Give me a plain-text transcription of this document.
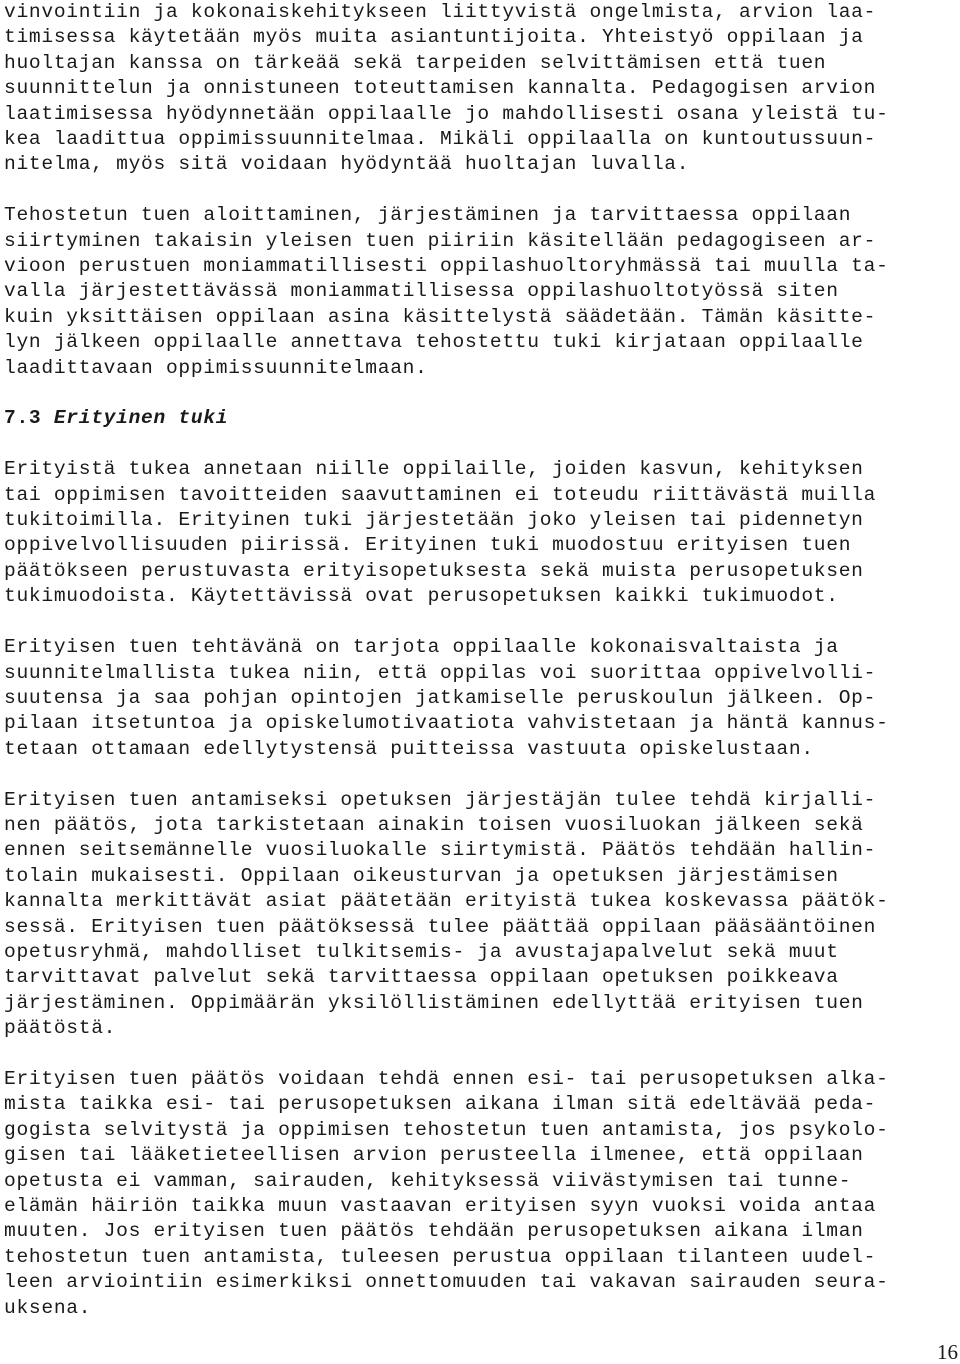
vinvointiin ja kokonaiskehitykseen liittyvistä ongelmista, arvion laa-
timisessa käytetään myös muita asiantuntijoita. Yhteistyö oppilaan ja
huoltajan kanssa on tärkeää sekä tarpeiden selvittämisen että tuen
suunnittelun ja onnistuneen toteuttamisen kannalta. Pedagogisen arvion
laatimisessa hyödynnetään oppilaalle jo mahdollisesti osana yleistä tu-
kea laadittua oppimissuunnitelmaa. Mikäli oppilaalla on kuntoutussuun-
nitelma, myös sitä voidaan hyödyntää huoltajan luvalla.

Tehostetun tuen aloittaminen, järjestäminen ja tarvittaessa oppilaan
siirtyminen takaisin yleisen tuen piiriin käsitellään pedagogiseen ar-
vioon perustuen moniammatillisesti oppilashuoltoryhmässä tai muulla ta-
valla järjestettävässä moniammatillisessa oppilashuoltotyössä siten
kuin yksittäisen oppilaan asina käsittelystä säädetään. Tämän käsitte-
lyn jälkeen oppilaalle annettava tehostettu tuki kirjataan oppilaalle
laadittavaan oppimissuunnitelmaan.

7.3 Erityinen tuki

Erityistä tukea annetaan niille oppilaille, joiden kasvun, kehityksen
tai oppimisen tavoitteiden saavuttaminen ei toteudu riittävästä muilla
tukitoimilla. Erityinen tuki järjestetään joko yleisen tai pidennetyn
oppivelvollisuuden piirissä. Erityinen tuki muodostuu erityisen tuen
päätökseen perustuvasta erityisopetuksesta sekä muista perusopetuksen
tukimuodoista. Käytettävissä ovat perusopetuksen kaikki tukimuodot.

Erityisen tuen tehtävänä on tarjota oppilaalle kokonaisvaltaista ja
suunnitelmallista tukea niin, että oppilas voi suorittaa oppivelvolli-
suutensa ja saa pohjan opintojen jatkamiselle peruskoulun jälkeen. Op-
pilaan itsetuntoa ja opiskelumotivaatiota vahvistetaan ja häntä kannus-
tetaan ottamaan edellytystensä puitteissa vastuuta opiskelustaan.

Erityisen tuen antamiseksi opetuksen järjestäjän tulee tehdä kirjalli-
nen päätös, jota tarkistetaan ainakin toisen vuosiluokan jälkeen sekä
ennen seitsemännelle vuosiluokalle siirtymistä. Päätös tehdään hallin-
tolain mukaisesti. Oppilaan oikeusturvan ja opetuksen järjestämisen
kannalta merkittävät asiat päätetään erityistä tukea koskevassa päätök-
sessä. Erityisen tuen päätöksessä tulee päättää oppilaan pääsääntöinen
opetusryhmä, mahdolliset tulkitsemis- ja avustajapalvelut sekä muut
tarvittavat palvelut sekä tarvittaessa oppilaan opetuksen poikkeava
järjestäminen. Oppimäärän yksilöllistäminen edellyttää erityisen tuen
päätöstä.

Erityisen tuen päätös voidaan tehdä ennen esi- tai perusopetuksen alka-
mista taikka esi- tai perusopetuksen aikana ilman sitä edeltävää peda-
gogista selvitystä ja oppimisen tehostetun tuen antamista, jos psykolo-
gisen tai lääketieteellisen arvion perusteella ilmenee, että oppilaan
opetusta ei vamman, sairauden, kehityksessä viivästymisen tai tunne-
elämän häiriön taikka muun vastaavan erityisen syyn vuoksi voida antaa
muuten. Jos erityisen tuen päätös tehdään perusopetuksen aikana ilman
tehostetun tuen antamista, tuleesen perustua oppilaan tilanteen uudel-
leen arviointiin esimerkiksi onnettomuuden tai vakavan sairauden seura-
uksena.

16
